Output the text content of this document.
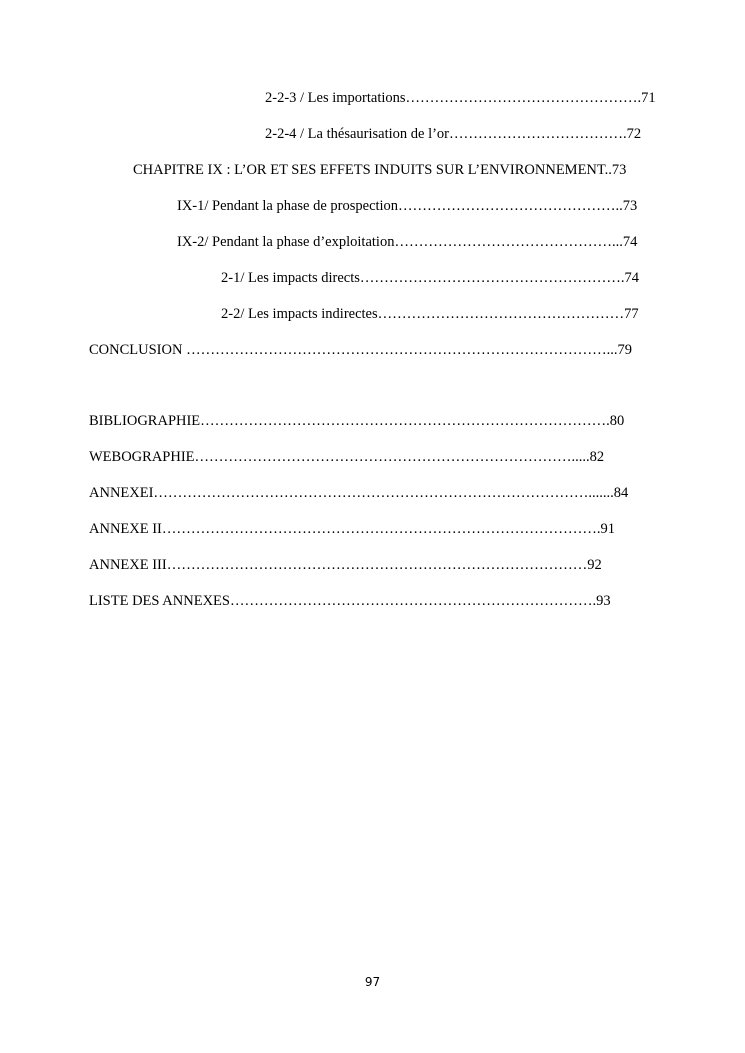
2-2-3 / Les importations………………………………………….71
2-2-4 / La thésaurisation de l’or……………………………….72
CHAPITRE IX : L’OR ET SES EFFETS INDUITS SUR L’ENVIRONNEMENT..73
IX-1/ Pendant la phase de prospection………………………………………..73
IX-2/ Pendant la phase d’exploitation………………………………………...74
2-1/ Les impacts directs……………………………………………….74
2-2/ Les impacts indirectes……………………………………………77
CONCLUSION ……………………………………………………………………………...79
BIBLIOGRAPHIE………………………………………………………………………….80
WEBOGRAPHIE…………………………………………………………………….....82
ANNEXEI……………………………………………………………………………….......84
ANNEXE II……………………………………………………………………………….91
ANNEXE III……………………………………………………………………………92
LISTE DES ANNEXES………………………………………………………………….93
97
